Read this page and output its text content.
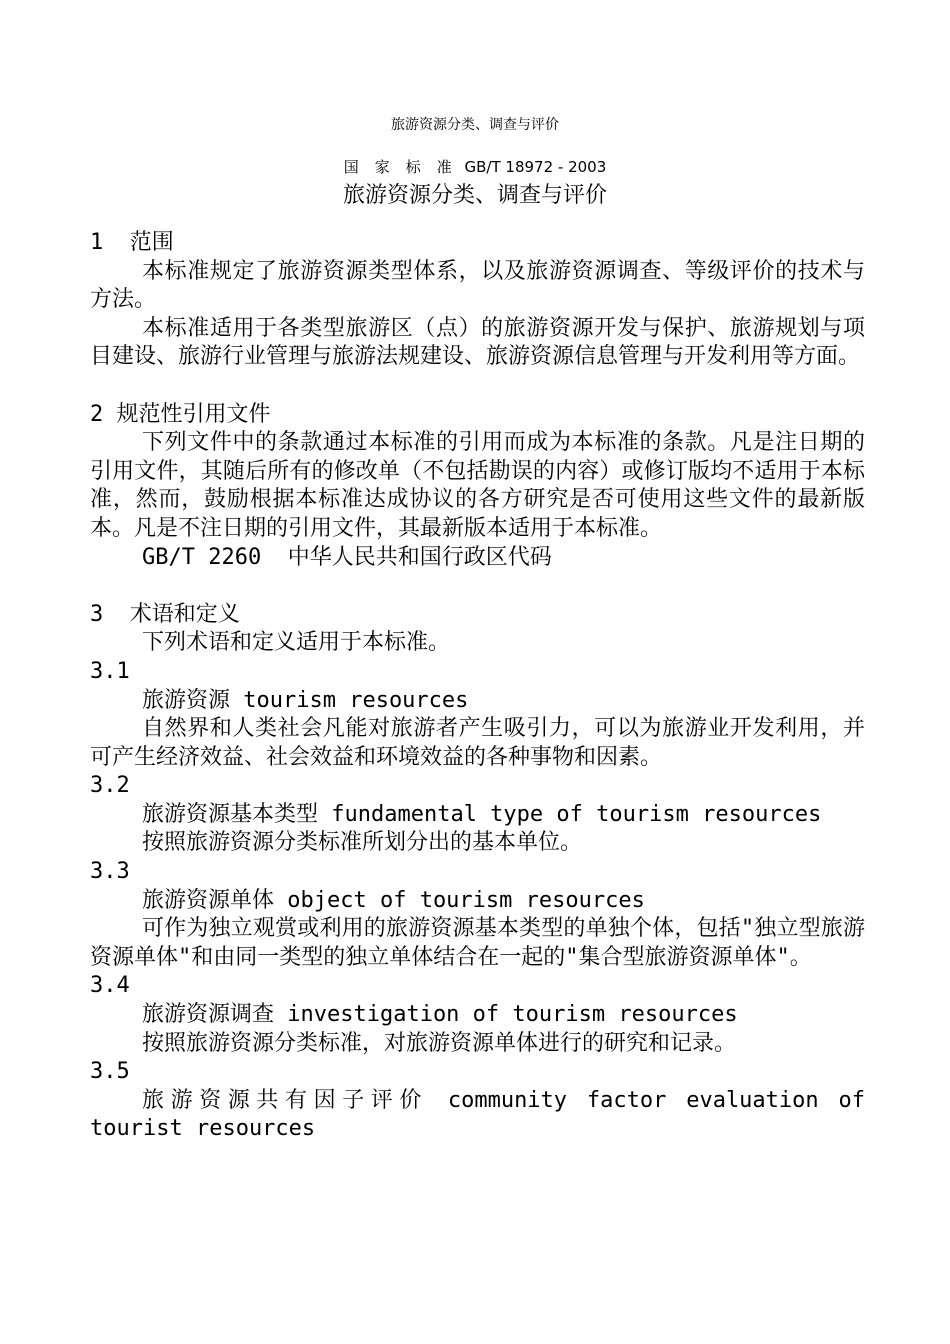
旅游资源分类、调查与评价
国家标准 GB/T 18972 - 2003
旅游资源分类、调查与评价

1  范围

本标准规定了旅游资源类型体系，以及旅游资源调查、等级评价的技术与方法。

本标准适用于各类型旅游区（点）的旅游资源开发与保护、旅游规划与项目建设、旅游行业管理与旅游法规建设、旅游资源信息管理与开发利用等方面。

2 规范性引用文件

下列文件中的条款通过本标准的引用而成为本标准的条款。凡是注日期的引用文件，其随后所有的修改单（不包括勘误的内容）或修订版均不适用于本标准，然而，鼓励根据本标准达成协议的各方研究是否可使用这些文件的最新版本。凡是不注日期的引用文件，其最新版本适用于本标准。

GB/T 2260  中华人民共和国行政区代码

3  术语和定义

下列术语和定义适用于本标准。

3.1

旅游资源 tourism resources

自然界和人类社会凡能对旅游者产生吸引力，可以为旅游业开发利用，并可产生经济效益、社会效益和环境效益的各种事物和因素。

3.2

旅游资源基本类型 fundamental type of tourism resources

按照旅游资源分类标准所划分出的基本单位。

3.3

旅游资源单体 object of tourism resources

可作为独立观赏或利用的旅游资源基本类型的单独个体，包括"独立型旅游资源单体"和由同一类型的独立单体结合在一起的"集合型旅游资源单体"。

3.4

旅游资源调查 investigation of tourism resources

按照旅游资源分类标准，对旅游资源单体进行的研究和记录。

3.5

旅游资源共有因子评价 community factor evaluation of

tourist resources
